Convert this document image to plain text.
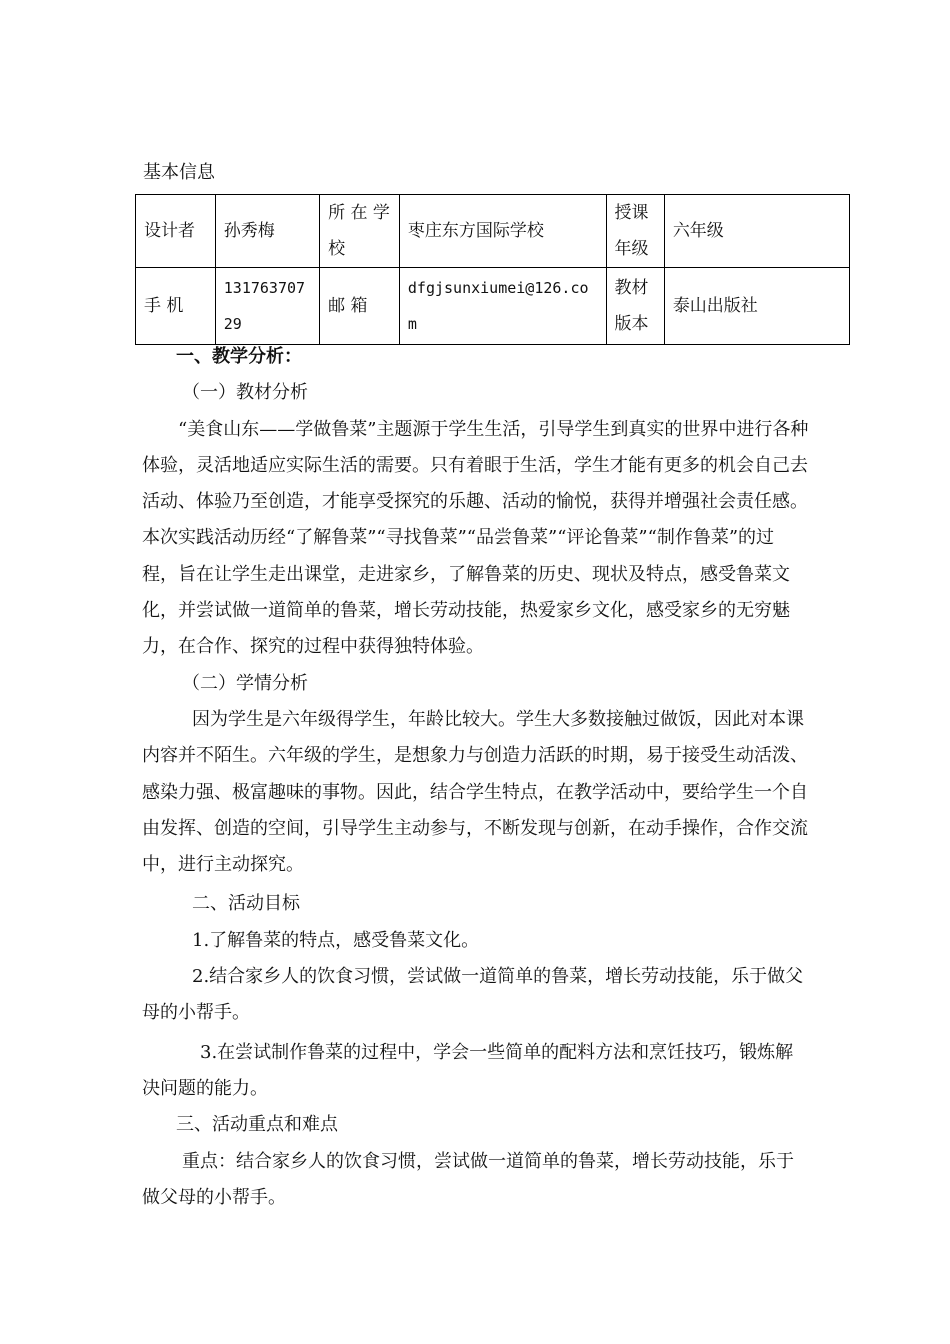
基本信息
设计者	孙秀梅	所 在 学 校	枣庄东方国际学校	授课 年级	六年级
手 机	13176370729	邮 箱	dfgjsunxiumei@126.com	教材 版本	泰山出版社

一、教学分析：

（一）教材分析

“美食山东——学做鲁菜”主题源于学生生活，引导学生到真实的世界中进行各种体验，灵活地适应实际生活的需要。只有着眼于生活，学生才能有更多的机会自己去活动、体验乃至创造，才能享受探究的乐趣、活动的愉悦，获得并增强社会责任感。本次实践活动历经“了解鲁菜”“寻找鲁菜”“品尝鲁菜”“评论鲁菜”“制作鲁菜”的过程，旨在让学生走出课堂，走进家乡，了解鲁菜的历史、现状及特点，感受鲁菜文化，并尝试做一道简单的鲁菜，增长劳动技能，热爱家乡文化，感受家乡的无穷魅力，在合作、探究的过程中获得独特体验。

（二）学情分析

因为学生是六年级得学生，年龄比较大。学生大多数接触过做饭，因此对本课内容并不陌生。六年级的学生，是想象力与创造力活跃的时期，易于接受生动活泼、感染力强、极富趣味的事物。因此，结合学生特点，在教学活动中，要给学生一个自由发挥、创造的空间，引导学生主动参与，不断发现与创新，在动手操作，合作交流中，进行主动探究。

二、活动目标

1.了解鲁菜的特点，感受鲁菜文化。

2.结合家乡人的饮食习惯，尝试做一道简单的鲁菜，增长劳动技能，乐于做父母的小帮手。

3.在尝试制作鲁菜的过程中，学会一些简单的配料方法和烹饪技巧，锻炼解决问题的能力。

三、活动重点和难点

重点：结合家乡人的饮食习惯，尝试做一道简单的鲁菜，增长劳动技能，乐于做父母的小帮手。
